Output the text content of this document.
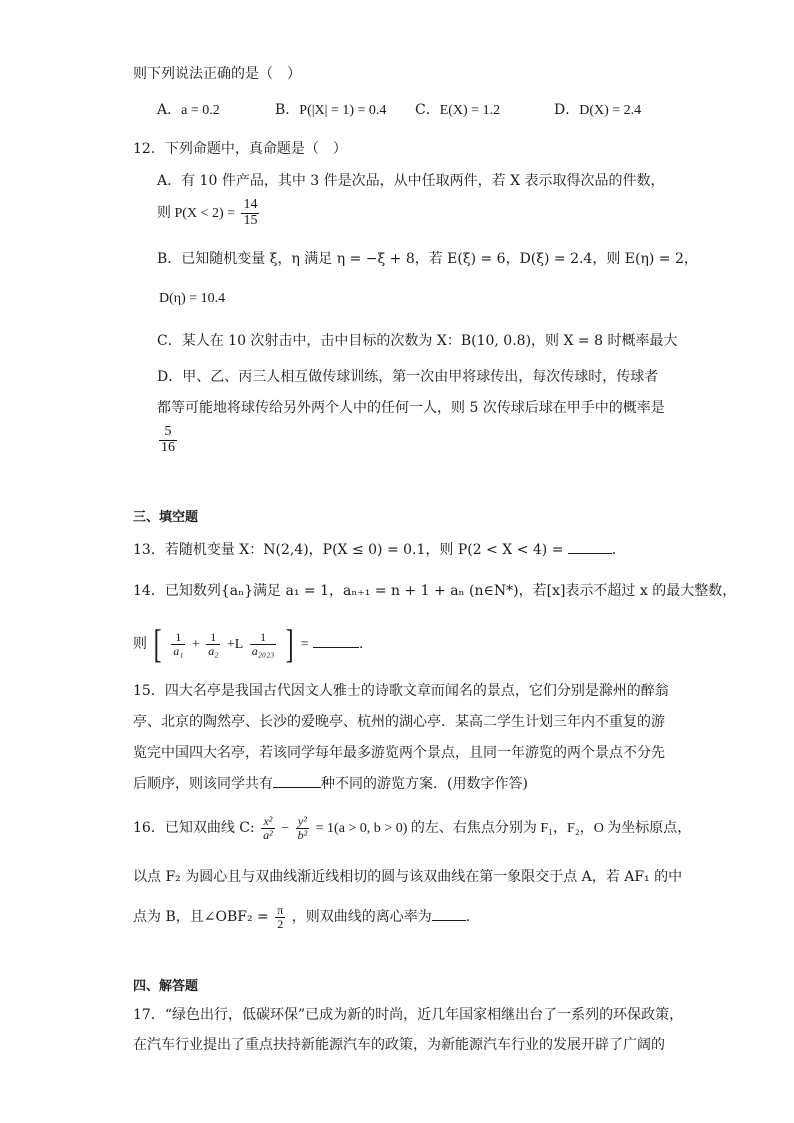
则下列说法正确的是（　）
A．a = 0.2	B．P(|X| = 1) = 0.4 C．E(X) = 1.2	D．D(X) = 2.4
12．下列命题中，真命题是（　）
A．有 10 件产品，其中 3 件是次品，从中任取两件，若 X 表示取得次品的件数，
则 $P(X < 2) = \frac{14}{15}$
B．已知随机变量 ξ，η 满足 η = −ξ + 8，若 E(ξ) = 6，D(ξ) = 2.4，则 E(η) = 2，
D(η) = 10.4
C．某人在 10 次射击中，击中目标的次数为 X：B(10, 0.8)，则 X = 8 时概率最大
D．甲、乙、丙三人相互做传球训练，第一次由甲将球传出，每次传球时，传球者
都等可能地将球传给另外两个人中的任何一人，则 5 次传球后球在甲手中的概率是
$\frac{5}{16}$
三、填空题
13．若随机变量 X：N(2,4)，P(X ≤ 0) = 0.1，则 P(2 < X < 4) =	．
14．已知数列{aₙ}满足 a₁ = 1，aₙ₊₁ = n + 1 + aₙ (n∈N*)，若[x]表示不超过 x 的最大整数，
则 [ $\frac{1}{\text{a₁}} + \frac{1}{\text{a₂}} +L \frac{1}{\text{a₂₀₂₃}}$ ] =	．
15．四大名亭是我国古代因文人雅士的诗歌文章而闻名的景点，它们分别是滁州的醉翁
亭、北京的陶然亭、长沙的爱晚亭、杭州的湖心亭．某高二学生计划三年内不重复的游
览完中国四大名亭，若该同学每年最多游览两个景点，且同一年游览的两个景点不分先
后顺序，则该同学共有	种不同的游览方案．(用数字作答)
16．已知双曲线 C: $\frac{\text{x²}}{\text{a²}} - \frac{\text{y²}}{\text{b²}} = 1(a > 0$, b > 0) 的左、右焦点分别为 F₁，F₂，O 为坐标原点，
以点 F₂ 为圆心且与双曲线渐近线相切的圆与该双曲线在第一象限交于点 A，若 AF₁ 的中
点为 B，且∠OBF₂ = $\frac{\pi}{2}$ ，则双曲线的离心率为 .
四、解答题
17．“绿色出行，低碳环保”已成为新的时尚，近几年国家相继出台了一系列的环保政策，
在汽车行业提出了重点扶持新能源汽车的政策，为新能源汽车行业的发展开辟了广阔的
